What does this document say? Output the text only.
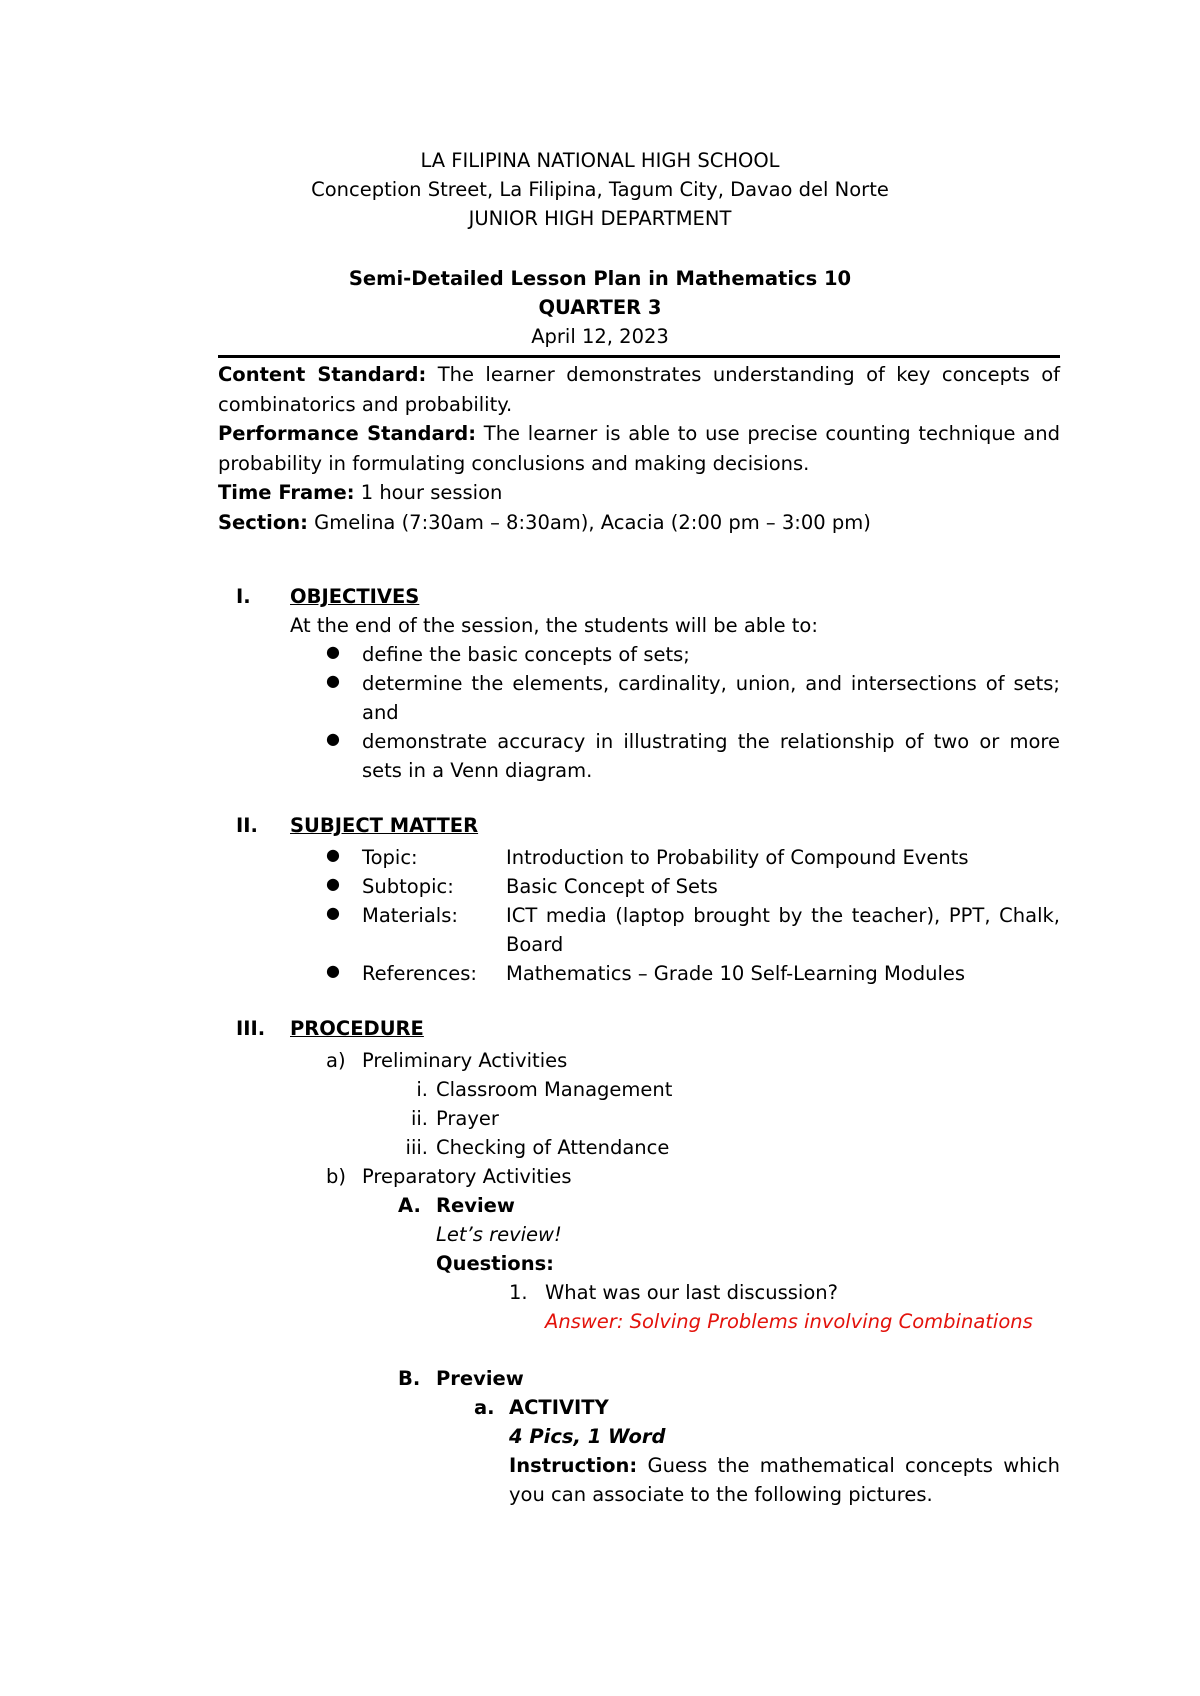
LA FILIPINA NATIONAL HIGH SCHOOL
Conception Street, La Filipina, Tagum City, Davao del Norte
JUNIOR HIGH DEPARTMENT
Semi-Detailed Lesson Plan in Mathematics 10
QUARTER 3
April 12, 2023

Content Standard: The learner demonstrates understanding of key concepts of combinatorics and probability.

Performance Standard: The learner is able to use precise counting technique and probability in formulating conclusions and making decisions.

Time Frame: 1 hour session

Section: Gmelina (7:30am – 8:30am), Acacia (2:00 pm – 3:00 pm)

I. OBJECTIVES
At the end of the session, the students will be able to:
● define the basic concepts of sets;
● determine the elements, cardinality, union, and intersections of sets; and
● demonstrate accuracy in illustrating the relationship of two or more sets in a Venn diagram.
II. SUBJECT MATTER
● Topic:	Introduction to Probability of Compound Events
● Subtopic:	Basic Concept of Sets
● Materials: ICT media (laptop brought by the teacher), PPT, Chalk, Board
● References: Mathematics – Grade 10 Self-Learning Modules
III. PROCEDURE
a) Preliminary Activities
i. Classroom Management
ii. Prayer
iii. Checking of Attendance
b) Preparatory Activities
A. Review
Let’s review!
Questions:
1. What was our last discussion?
Answer: Solving Problems involving Combinations
B. Preview
a. ACTIVITY
4 Pics, 1 Word
Instruction: Guess the mathematical concepts which you can associate to the following pictures.
